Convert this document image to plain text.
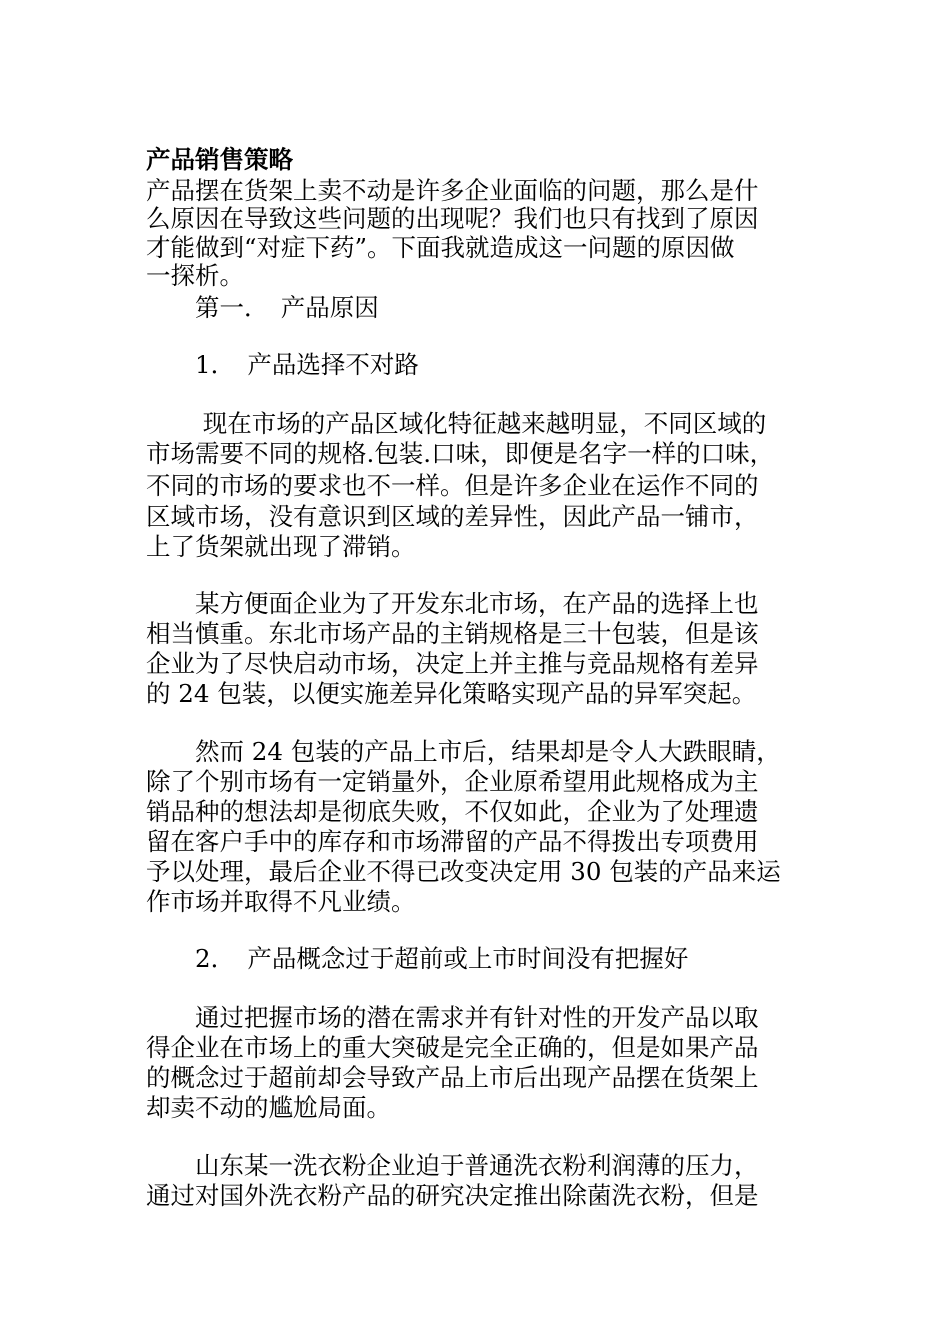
产品销售策略
产品摆在货架上卖不动是许多企业面临的问题，那么是什
么原因在导致这些问题的出现呢？我们也只有找到了原因
才能做到“对症下药”。下面我就造成这一问题的原因做
一探析。
　　第一．　产品原因
　　1．　产品选择不对路
　　 现在市场的产品区域化特征越来越明显，不同区域的
市场需要不同的规格.包装.口味，即便是名字一样的口味，
不同的市场的要求也不一样。但是许多企业在运作不同的
区域市场，没有意识到区域的差异性，因此产品一铺市，
上了货架就出现了滞销。
　　某方便面企业为了开发东北市场，在产品的选择上也
相当慎重。东北市场产品的主销规格是三十包装，但是该
企业为了尽快启动市场，决定上并主推与竞品规格有差异
的 24 包装，以便实施差异化策略实现产品的异军突起。
　　然而 24 包装的产品上市后，结果却是令人大跌眼睛，
除了个别市场有一定销量外，企业原希望用此规格成为主
销品种的想法却是彻底失败，不仅如此，企业为了处理遗
留在客户手中的库存和市场滞留的产品不得拨出专项费用
予以处理，最后企业不得已改变决定用 30 包装的产品来运
作市场并取得不凡业绩。
　　2．　产品概念过于超前或上市时间没有把握好
　　通过把握市场的潜在需求并有针对性的开发产品以取
得企业在市场上的重大突破是完全正确的，但是如果产品
的概念过于超前却会导致产品上市后出现产品摆在货架上
却卖不动的尴尬局面。
　　山东某一洗衣粉企业迫于普通洗衣粉利润薄的压力，
通过对国外洗衣粉产品的研究决定推出除菌洗衣粉，但是
